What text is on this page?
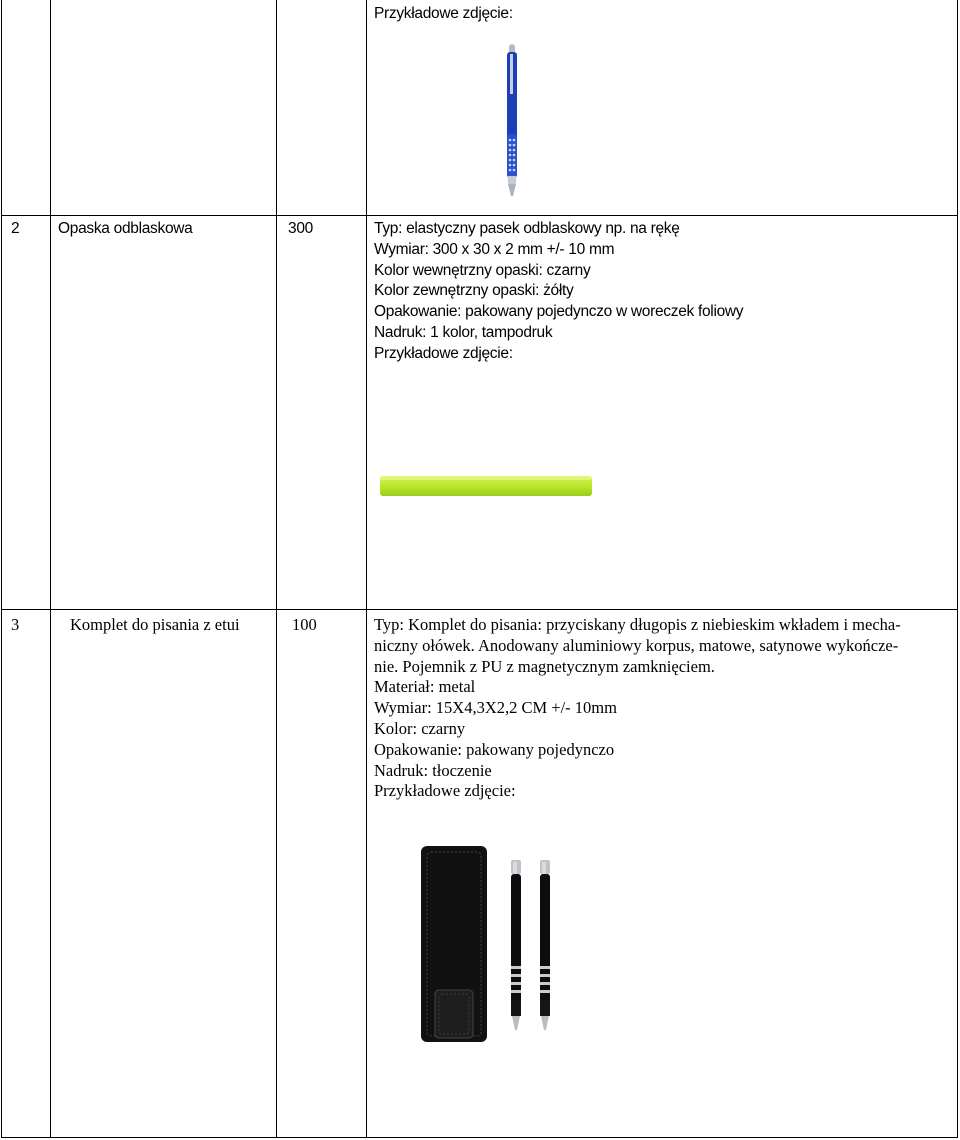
Przykładowe zdjęcie:
2 Opaska odblaskowa	300	Typ: elastyczny pasek odblaskowy np. na rękę
Wymiar: 300 x 30 x 2 mm +/- 10 mm
Kolor wewnętrzny opaski: czarny
Kolor zewnętrzny opaski: żółty
Opakowanie: pakowany pojedynczo w woreczek foliowy
Nadruk: 1 kolor, tampodruk
Przykładowe zdjęcie:
3	Komplet do pisania z etui	100	Typ: Komplet do pisania: przyciskany długopis z niebieskim wkładem i mecha-
niczny ołówek. Anodowany aluminiowy korpus, matowe, satynowe wykończe-
nie. Pojemnik z PU z magnetycznym zamknięciem.
Materiał: metal
Wymiar: 15X4,3X2,2 CM +/- 10mm
Kolor: czarny
Opakowanie: pakowany pojedynczo
Nadruk: tłoczenie
Przykładowe zdjęcie:
